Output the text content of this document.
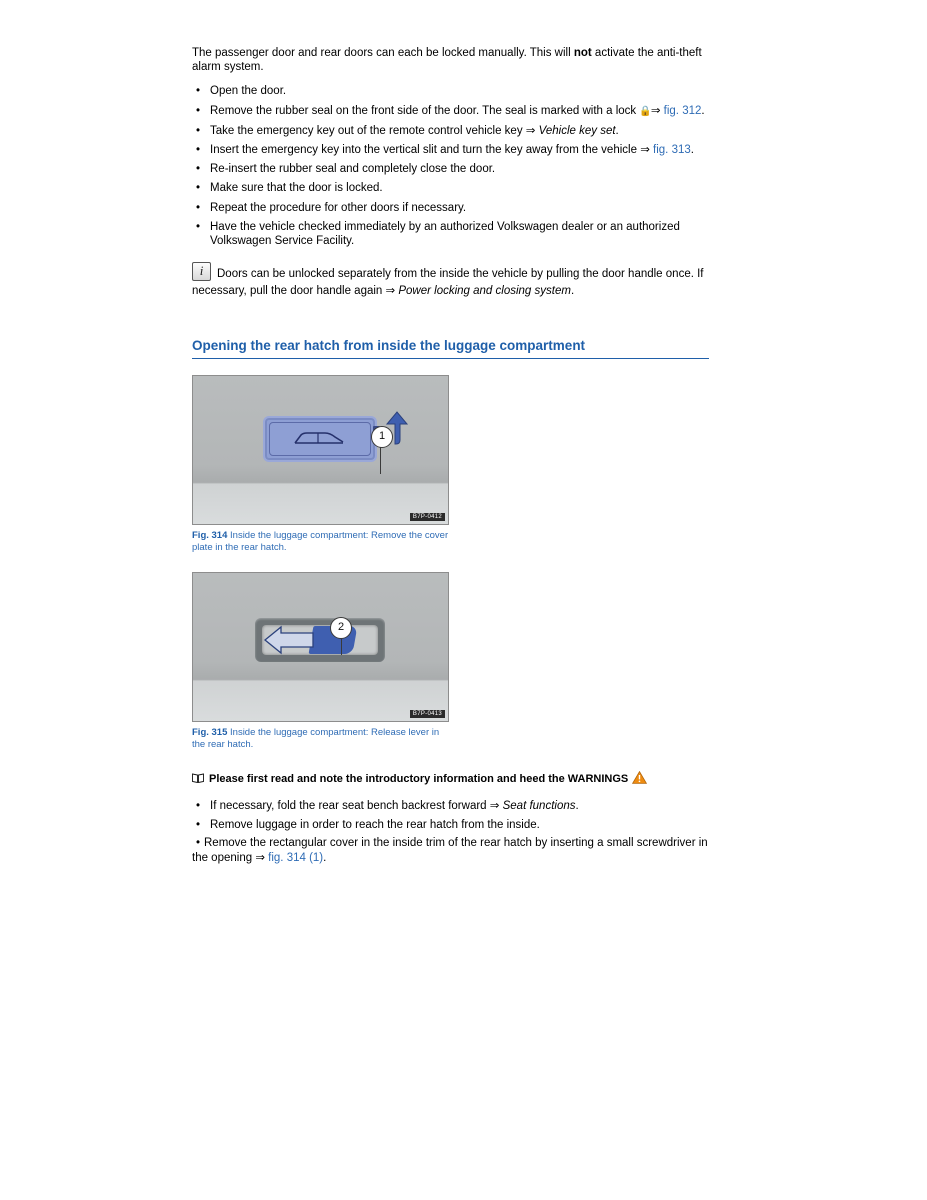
The passenger door and rear doors can each be locked manually. This will not activate the anti-theft alarm system.

• Open the door.
• Remove the rubber seal on the front side of the door. The seal is marked with a lock 🔒⇒ fig. 312.
• Take the emergency key out of the remote control vehicle key ⇒ Vehicle key set.
• Insert the emergency key into the vertical slit and turn the key away from the vehicle ⇒ fig. 313.
• Re-insert the rubber seal and completely close the door.
• Make sure that the door is locked.
• Repeat the procedure for other doors if necessary.
• Have the vehicle checked immediately by an authorized Volkswagen dealer or an authorized Volkswagen Service Facility.
iDoors can be unlocked separately from the inside the vehicle by pulling the door handle once. If necessary, pull the door handle again ⇒ Power locking and closing system.
Opening the rear hatch from inside the luggage compartment
1
B7P-0412
Fig. 314 Inside the luggage compartment: Remove the cover plate in the rear hatch.
2
B7P-0413
Fig. 315 Inside the luggage compartment: Release lever in the rear hatch.
Please first read and note the introductory information and heed the WARNINGS
• If necessary, fold the rear seat bench backrest forward ⇒ Seat functions.
• Remove luggage in order to reach the rear hatch from the inside.
• Remove the rectangular cover in the inside trim of the rear hatch by inserting a small screwdriver in the opening ⇒ fig. 314 (1).
